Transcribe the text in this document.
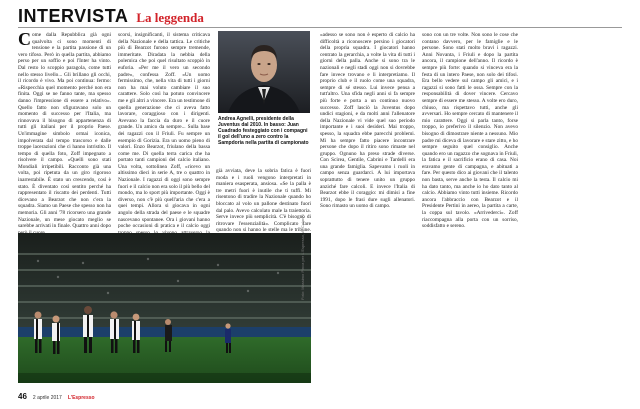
INTERVISTA La leggenda
C ome dalla Repubblica già ogni qualvolta ci sono momenti di tensione e la partita passione di un vero tifoso. Però in quella partita, abbiamo perso per un soffio e poi l'Inter ha vinto. Dal resto lo scoppio paragola, come tutti nello stesso livello... Gli brillano gli occhi, il ricordo è vivo. Ma poi continua: fermo: «Rispecchia quel momento perché non era finita. Oggi se ne fanno tante, ma spesso danno l'impressione di essere a relativo». Quello fatto non sfiguravano solo un momento di successo per l'Italia, ma rinnovava il bisogno di appartenenza di tutti gli italiani per il proprio Paese. Un'immagine simbolo ormai iconica, impolverata dal tempo trascorso e dalle troppe lacerazioni che ci hanno intristito. Il tempo di quella foto, Zoff impegnato a risolvere il campo. «Quelli sono stati Mondiali irripetibili. Racconto già una volta, poi ripetuta da un giro rigoroso inarrestabile. È stato un crescendo, così è stato. È diventato così sentito perché ha rappresentato il riscatto dei perdenti. Tutti dicevano a Bearzot che non c'era la squadra. Siamo un Paese che spesso non ha memoria. Gli anni '78 ricorsero una grande Nazionale, un mese giocato meglio se sarebbe arrivati in finale. Quattro anni dopo

scorsi, insignificanti, il sistema criticava della Nazionale e della tattica. Le critiche più di Bearzot furono sempre tremende, immeritate. Diradata la nebbia della polemica che poi quel risultato scoppiò in euforia. «Per me il vero un secondo padre», confessa Zoff. «Un uomo fermissimo, che, nella vita di tutti i giorni non ha mai voluto cambiare il suo carattere. Solo così ha potuto convincere me e gli altri a vincere. Era un testimone di quella generazione che ci aveva fatto lavorare, coraggioso con i dirigenti. Avevano la faccia da duro e il cuore grande. Un amico da sempre... Sulla base dei ragazzi con il Friuli. Fu sempre un esempio di Gorizia. Era un uomo pieno di valori. Enzo Bearzot, friulano della bassa come me. Di quella terra carica che ha portato tanti campioni del calcio italiano. Una volta, sottolinea Zoff, «ricevo un altissimo dieci in serie A, tre o quattro in Nazionale. I ragazzi di oggi sono sempre fuori e il calcio non era solo il più bello del mondo, ma lo sport più importante. Oggi è diverso, non c'è più quell'aria che c'era a quei tempi. Allora si giocava in ogni angolo della strada del paese e le squadre nascevano spontanee. Ora i giovani hanno poche occasioni di pratica e il calcio oggi

Andrea Agnelli, presidente della Juventus dal 2010. In basso: Juan Cuadrado festeggiato con i compagni il gol dell'uno a zero contro la Sampdoria nella partita di campionato

già avviata, deve la sobria fatica è fuori moda e i ruoli vengono interpretati in maniera esasperata, ansiosa. «Se la palla è tre metri fuori è inutile che ti tuffi. Mi risentono di tradire la Nazionale quando ho bloccato al volo un pallone destinato fuori dal palo. Avevo calcolato male la traiettoria. Serve invece più semplicità. C'è bisogno di ritrovare l'essenzialità». Complicato fare quando non si hanno le stelle ma le tribune.

Foto: Massimo Pinca per L'Espresso, A. Calanni

«adesso se sono non è esperto di calcio ha difficoltà a riconoscere persino i giocatori della propria squadra. I giocatori hanno centrato la gerarchia, a volte la vita di tutti i giorni della palla. Anche si sono tra le nazionali e negli stadi oggi non si dovrebbe fare invece trovano e li interpretiamo. Il proprio club e il ruolo come una squadra, sempre di sé stesso. Lui invece pensa a tutt'altro. Una sfida negli anni si fa sempre più forte e porta a un continuo nuovo successo. Zoff lasciò la Juventus dopo undici stagioni, e da molti anni l'allenatore della Nazionale vi vide quel suo periodo importante e i suoi desideri. Mai troppo, spesso, la squadra ebbe parecchi problemi. Mi ha sempre fatto piacere incontrare persone che dopo il ritiro sono rimaste nel gruppo. Ognuno ha preso strade diverse. Con Scirea, Gentile, Cabrini e Tardelli era una grande famiglia. Sapevamo i ruoli in campo senza guardarci. A lui importava soprattutto di tenere unito un gruppo anziché fare calcoli. E invece l'Italia di Bearzot ebbe il coraggio: mi dimisi a fine 1991, dopo le frasi dure sugli allenatori. Sono rimasto un uomo di campo.

sono con un tre volte. Non sono le cose che contano davvero, per le famiglie e le persone. Sono stati molto bravi i ragazzi. Anni Novanta, i Friuli e dopo la partita ancora, il campione dell'anno. Il ricordo è sempre più forte: quando si vinceva era la festa di un intero Paese, non solo dei tifosi. Era bello vedere sul campo gli amici, e i ragazzi si sono fatti le ossa. Sempre con la responsabilità di dover vincere. Cercavo sempre di essere me stesso. A volte ero duro, chiuso, ma rispettavo tutti, anche gli avversari. Ho sempre cercato di mantenere il mio carattere. Oggi si parla tanto, forse troppo, io preferivo il silenzio. Non avevo bisogno di dimostrare niente a nessuno. Mio padre mi diceva di lavorare e stare zitto, e ho sempre seguito quel consiglio. Anche quando ero un ragazzo che sognava in Friuli, la fatica e il sacrificio erano di casa. Noi eravamo gente di campagna, e abituati a fare. Per questo dico ai giovani che il talento non basta, serve anche la testa. Il calcio mi ha dato tanto, ma anche io ho dato tanto al calcio. Abbiamo vinto tutti insieme. Ricordo ancora l'abbraccio con Bearzot e il Presidente Pertini in aereo, la partita a carte, la coppa sul tavolo. «Arrivederci». Zoff riaccompagna alla porta con un sorriso, soddisfatto e sereno.

46 2 aprile 2017 L'Espresso
